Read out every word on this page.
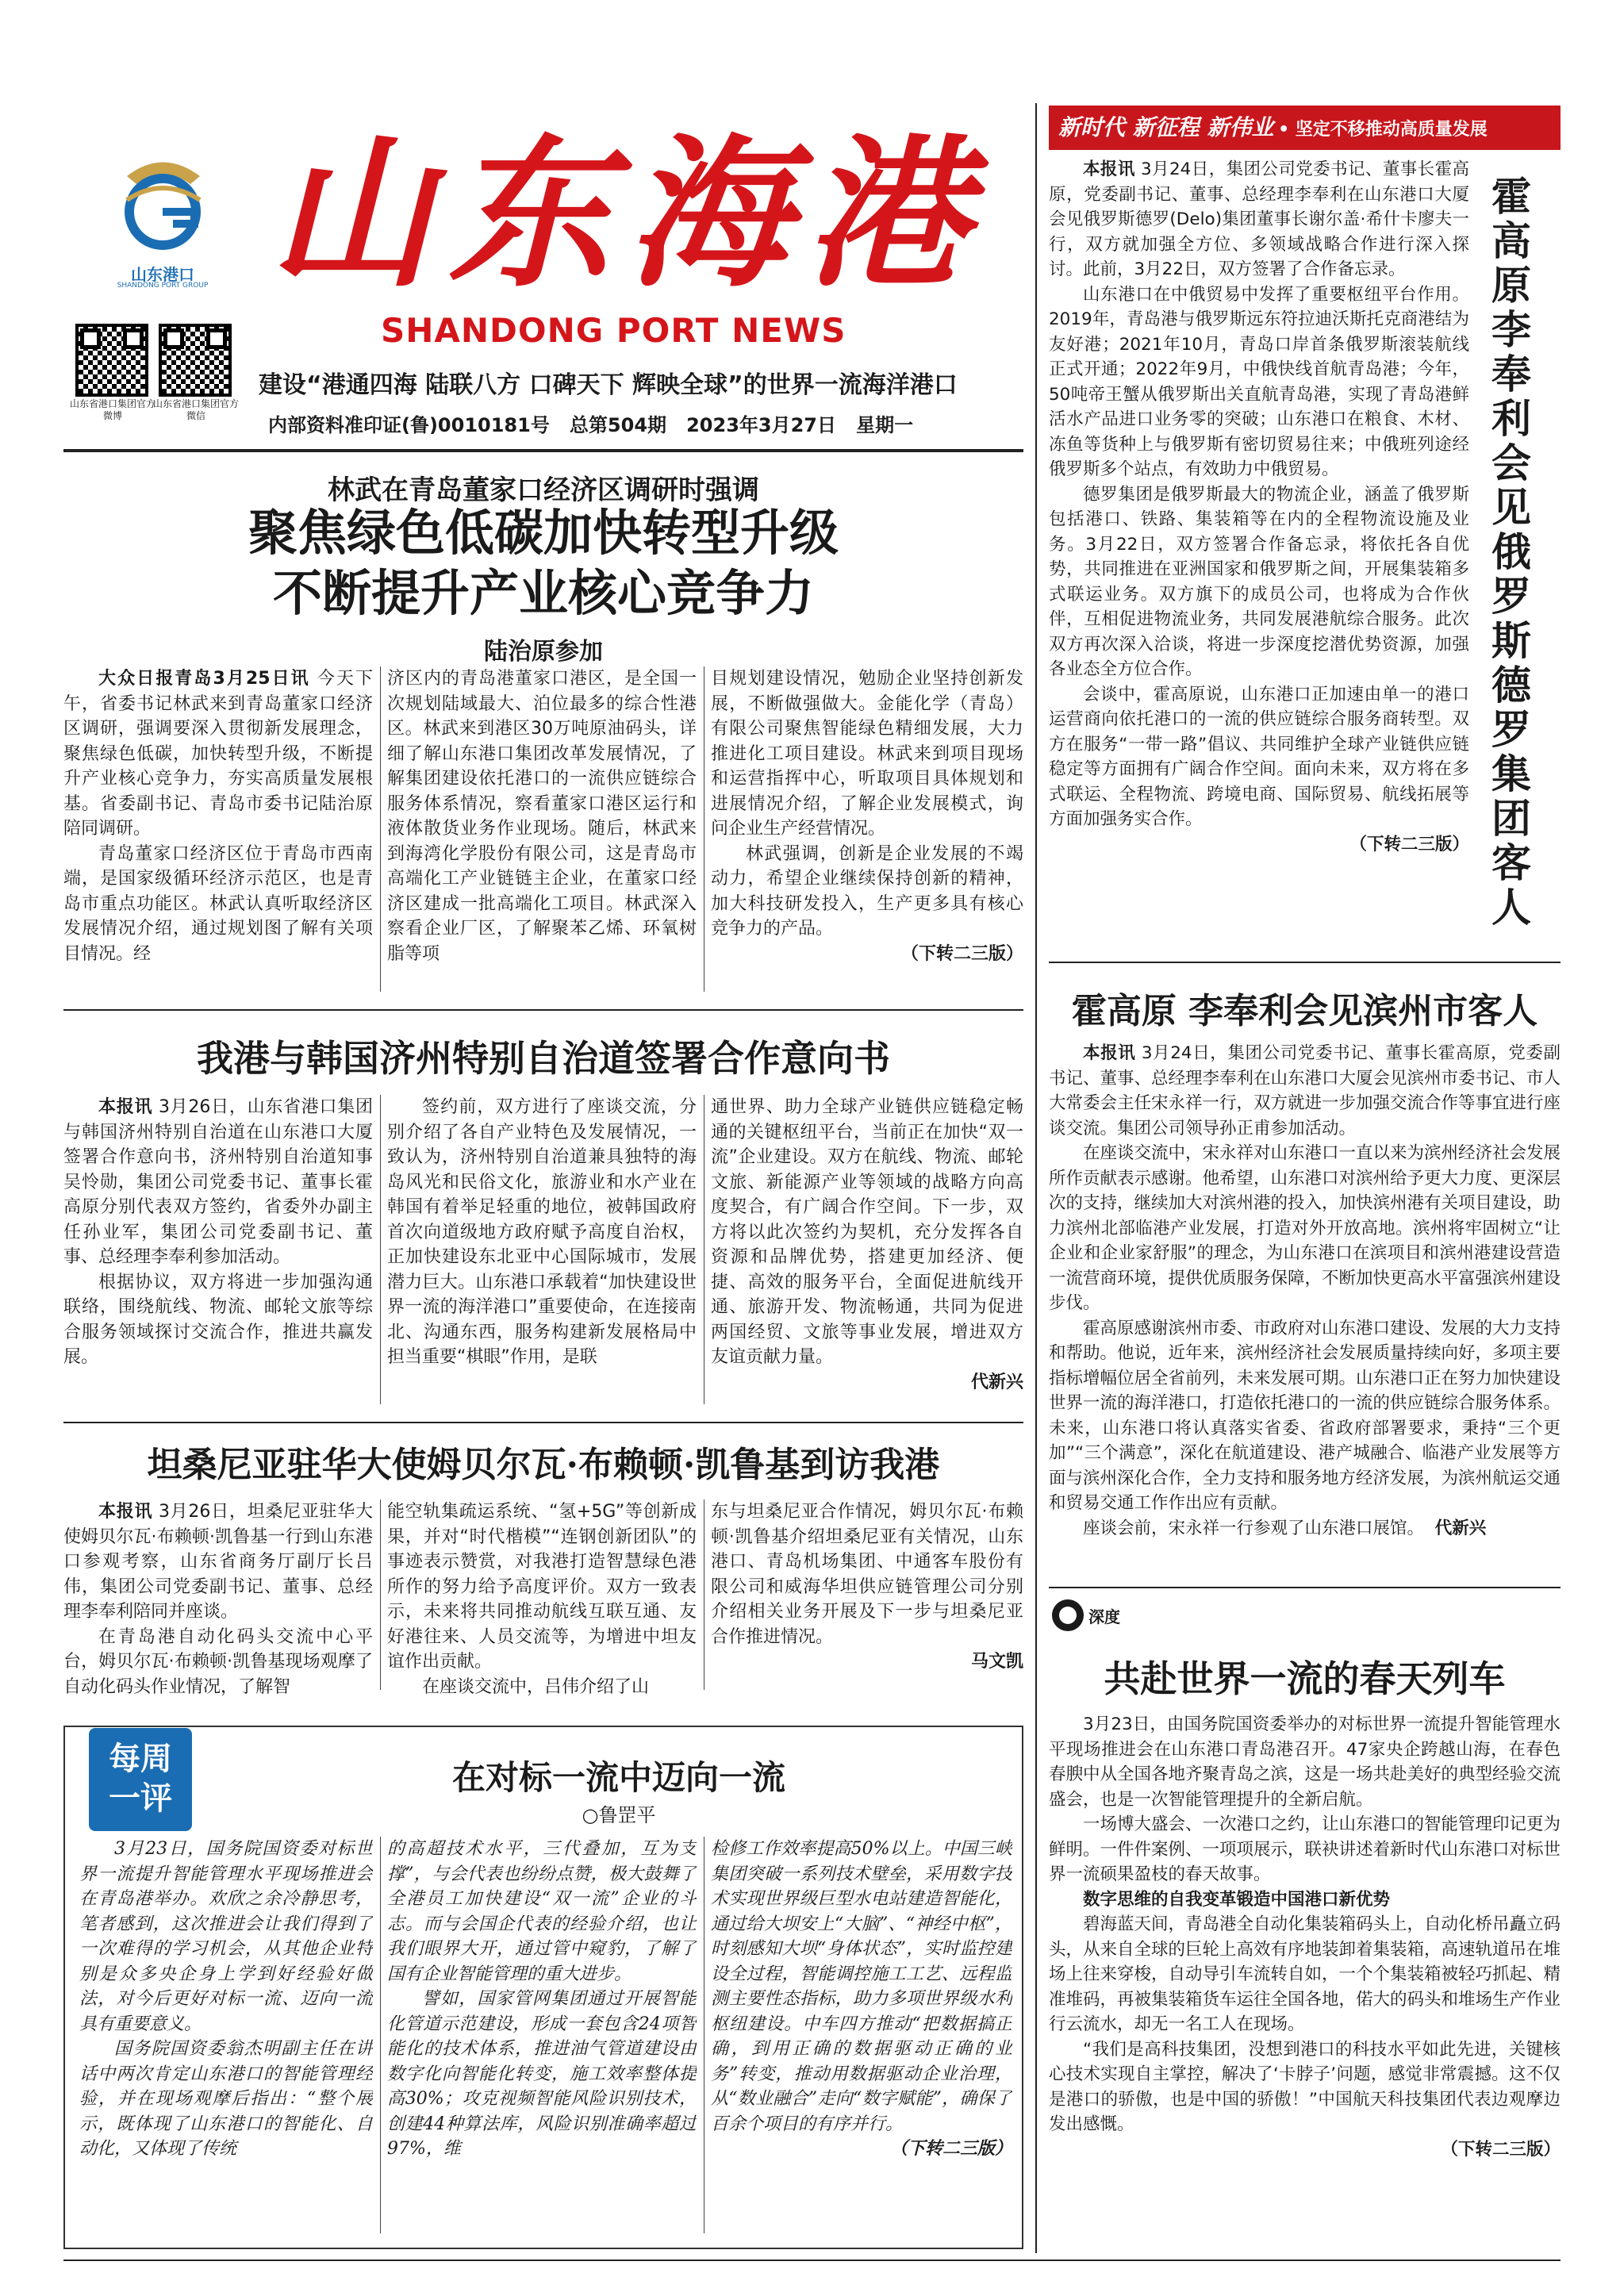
山东港口
SHANDONG PORT GROUP 山东海港
SHANDONG PORT NEWS
山东省港口集团官方微博
山东省港口集团官方微信
建设“港通四海 陆联八方 口碑天下 辉映全球”的世界一流海洋港口
内部资料准印证(鲁)0010181号 总第504期 2023年3月27日 星期一
新时代 新征程 新伟业 • 坚定不移推动高质量发展
林武在青岛董家口经济区调研时强调
聚焦绿色低碳加快转型升级
不断提升产业核心竞争力
陆治原参加

大众日报青岛3月25日讯 今天下午，省委书记林武来到青岛董家口经济区调研，强调要深入贯彻新发展理念，聚焦绿色低碳，加快转型升级，不断提升产业核心竞争力，夯实高质量发展根基。省委副书记、青岛市委书记陆治原陪同调研。

青岛董家口经济区位于青岛市西南端，是国家级循环经济示范区，也是青岛市重点功能区。林武认真听取经济区发展情况介绍，通过规划图了解有关项目情况。经

济区内的青岛港董家口港区，是全国一次规划陆域最大、泊位最多的综合性港区。林武来到港区30万吨原油码头，详细了解山东港口集团改革发展情况，了解集团建设依托港口的一流供应链综合服务体系情况，察看董家口港区运行和液体散货业务作业现场。随后，林武来到海湾化学股份有限公司，这是青岛市高端化工产业链链主企业，在董家口经济区建成一批高端化工项目。林武深入察看企业厂区，了解聚苯乙烯、环氧树脂等项

目规划建设情况，勉励企业坚持创新发展，不断做强做大。金能化学（青岛）有限公司聚焦智能绿色精细发展，大力推进化工项目建设。林武来到项目现场和运营指挥中心，听取项目具体规划和进展情况介绍，了解企业发展模式，询问企业生产经营情况。

林武强调，创新是企业发展的不竭动力，希望企业继续保持创新的精神，加大科技研发投入，生产更多具有核心竞争力的产品。

（下转二三版）

我港与韩国济州特别自治道签署合作意向书

本报讯 3月26日，山东省港口集团与韩国济州特别自治道在山东港口大厦签署合作意向书，济州特别自治道知事吴怜勋，集团公司党委书记、董事长霍高原分别代表双方签约，省委外办副主任孙业军，集团公司党委副书记、董事、总经理李奉利参加活动。

根据协议，双方将进一步加强沟通联络，围绕航线、物流、邮轮文旅等综合服务领域探讨交流合作，推进共赢发展。

签约前，双方进行了座谈交流，分别介绍了各自产业特色及发展情况，一致认为，济州特别自治道兼具独特的海岛风光和民俗文化，旅游业和水产业在韩国有着举足轻重的地位，被韩国政府首次向道级地方政府赋予高度自治权，正加快建设东北亚中心国际城市，发展潜力巨大。山东港口承载着“加快建设世界一流的海洋港口”重要使命，在连接南北、沟通东西，服务构建新发展格局中担当重要“棋眼”作用，是联

通世界、助力全球产业链供应链稳定畅通的关键枢纽平台，当前正在加快“双一流”企业建设。双方在航线、物流、邮轮文旅、新能源产业等领域的战略方向高度契合，有广阔合作空间。下一步，双方将以此次签约为契机，充分发挥各自资源和品牌优势，搭建更加经济、便捷、高效的服务平台，全面促进航线开通、旅游开发、物流畅通，共同为促进两国经贸、文旅等事业发展，增进双方友谊贡献力量。

代新兴

坦桑尼亚驻华大使姆贝尔瓦·布赖顿·凯鲁基到访我港

本报讯 3月26日，坦桑尼亚驻华大使姆贝尔瓦·布赖顿·凯鲁基一行到山东港口参观考察，山东省商务厅副厅长吕伟，集团公司党委副书记、董事、总经理李奉利陪同并座谈。

在青岛港自动化码头交流中心平台，姆贝尔瓦·布赖顿·凯鲁基现场观摩了自动化码头作业情况，了解智

能空轨集疏运系统、“氢+5G”等创新成果，并对“时代楷模”“连钢创新团队”的事迹表示赞赏，对我港打造智慧绿色港所作的努力给予高度评价。双方一致表示，未来将共同推动航线互联互通、友好港往来、人员交流等，为增进中坦友谊作出贡献。

在座谈交流中，吕伟介绍了山

东与坦桑尼亚合作情况，姆贝尔瓦·布赖顿·凯鲁基介绍坦桑尼亚有关情况，山东港口、青岛机场集团、中通客车股份有限公司和威海华坦供应链管理公司分别介绍相关业务开展及下一步与坦桑尼亚合作推进情况。

马文凯

每周
一评
在对标一流中迈向一流
○鲁罡平

3月23日，国务院国资委对标世界一流提升智能管理水平现场推进会在青岛港举办。欢欣之余冷静思考，笔者感到，这次推进会让我们得到了一次难得的学习机会，从其他企业特别是众多央企身上学到好经验好做法，对今后更好对标一流、迈向一流具有重要意义。

国务院国资委翁杰明副主任在讲话中两次肯定山东港口的智能管理经验，并在现场观摩后指出：“整个展示，既体现了山东港口的智能化、自动化，又体现了传统

的高超技术水平，三代叠加，互为支撑”，与会代表也纷纷点赞，极大鼓舞了全港员工加快建设“双一流”企业的斗志。而与会国企代表的经验介绍，也让我们眼界大开，通过管中窥豹，了解了国有企业智能管理的重大进步。

譬如，国家管网集团通过开展智能化管道示范建设，形成一套包含24项智能化的技术体系，推进油气管道建设由数字化向智能化转变，施工效率整体提高30%；攻克视频智能风险识别技术，创建44种算法库，风险识别准确率超过97%，维

检修工作效率提高50%以上。中国三峡集团突破一系列技术壁垒，采用数字技术实现世界级巨型水电站建造智能化，通过给大坝安上“大脑”、“神经中枢”，时刻感知大坝“身体状态”，实时监控建设全过程，智能调控施工工艺、远程监测主要性态指标，助力多项世界级水利枢纽建设。中车四方推动“把数据搞正确，到用正确的数据驱动正确的业务”转变，推动用数据驱动企业治理，从“数业融合”走向“数字赋能”，确保了百余个项目的有序并行。

（下转二三版）

本报讯 3月24日，集团公司党委书记、董事长霍高原，党委副书记、董事、总经理李奉利在山东港口大厦会见俄罗斯德罗(Delo)集团董事长谢尔盖·希什卡廖夫一行，双方就加强全方位、多领域战略合作进行深入探讨。此前，3月22日，双方签署了合作备忘录。

山东港口在中俄贸易中发挥了重要枢纽平台作用。2019年，青岛港与俄罗斯远东符拉迪沃斯托克商港结为友好港；2021年10月，青岛口岸首条俄罗斯滚装航线正式开通；2022年9月，中俄快线首航青岛港；今年，50吨帝王蟹从俄罗斯出关直航青岛港，实现了青岛港鲜活水产品进口业务零的突破；山东港口在粮食、木材、冻鱼等货种上与俄罗斯有密切贸易往来；中俄班列途经俄罗斯多个站点，有效助力中俄贸易。

德罗集团是俄罗斯最大的物流企业，涵盖了俄罗斯包括港口、铁路、集装箱等在内的全程物流设施及业务。3月22日，双方签署合作备忘录，将依托各自优势，共同推进在亚洲国家和俄罗斯之间，开展集装箱多式联运业务。双方旗下的成员公司，也将成为合作伙伴，互相促进物流业务，共同发展港航综合服务。此次双方再次深入洽谈，将进一步深度挖潜优势资源，加强各业态全方位合作。

会谈中，霍高原说，山东港口正加速由单一的港口运营商向依托港口的一流的供应链综合服务商转型。双方在服务“一带一路”倡议、共同维护全球产业链供应链稳定等方面拥有广阔合作空间。面向未来，双方将在多式联运、全程物流、跨境电商、国际贸易、航线拓展等方面加强务实合作。

（下转二三版）

霍高原 李奉利会见俄罗斯德罗集团客人
霍高原 李奉利会见滨州市客人

本报讯 3月24日，集团公司党委书记、董事长霍高原，党委副书记、董事、总经理李奉利在山东港口大厦会见滨州市委书记、市人大常委会主任宋永祥一行，双方就进一步加强交流合作等事宜进行座谈交流。集团公司领导孙正甫参加活动。

在座谈交流中，宋永祥对山东港口一直以来为滨州经济社会发展所作贡献表示感谢。他希望，山东港口对滨州给予更大力度、更深层次的支持，继续加大对滨州港的投入，加快滨州港有关项目建设，助力滨州北部临港产业发展，打造对外开放高地。滨州将牢固树立“让企业和企业家舒服”的理念，为山东港口在滨项目和滨州港建设营造一流营商环境，提供优质服务保障，不断加快更高水平富强滨州建设步伐。

霍高原感谢滨州市委、市政府对山东港口建设、发展的大力支持和帮助。他说，近年来，滨州经济社会发展质量持续向好，多项主要指标增幅位居全省前列，未来发展可期。山东港口正在努力加快建设世界一流的海洋港口，打造依托港口的一流的供应链综合服务体系。未来，山东港口将认真落实省委、省政府部署要求，秉持“三个更加”“三个满意”，深化在航道建设、港产城融合、临港产业发展等方面与滨州深化合作，全力支持和服务地方经济发展，为滨州航运交通和贸易交通工作作出应有贡献。

座谈会前，宋永祥一行参观了山东港口展馆。 代新兴

深度
共赴世界一流的春天列车

3月23日，由国务院国资委举办的对标世界一流提升智能管理水平现场推进会在山东港口青岛港召开。47家央企跨越山海，在春色春腴中从全国各地齐聚青岛之滨，这是一场共赴美好的典型经验交流盛会，也是一次智能管理提升的全新启航。

一场博大盛会、一次港口之约，让山东港口的智能管理印记更为鲜明。一件件案例、一项项展示，联袂讲述着新时代山东港口对标世界一流硕果盈枝的春天故事。

数字思维的自我变革锻造中国港口新优势

碧海蓝天间，青岛港全自动化集装箱码头上，自动化桥吊矗立码头，从来自全球的巨轮上高效有序地装卸着集装箱，高速轨道吊在堆场上往来穿梭，自动导引车流转自如，一个个集装箱被轻巧抓起、精准堆码，再被集装箱货车运往全国各地，偌大的码头和堆场生产作业行云流水，却无一名工人在现场。

“我们是高科技集团，没想到港口的科技水平如此先进，关键核心技术实现自主掌控，解决了‘卡脖子’问题，感觉非常震撼。这不仅是港口的骄傲，也是中国的骄傲！”中国航天科技集团代表边观摩边发出感慨。

（下转二三版）
